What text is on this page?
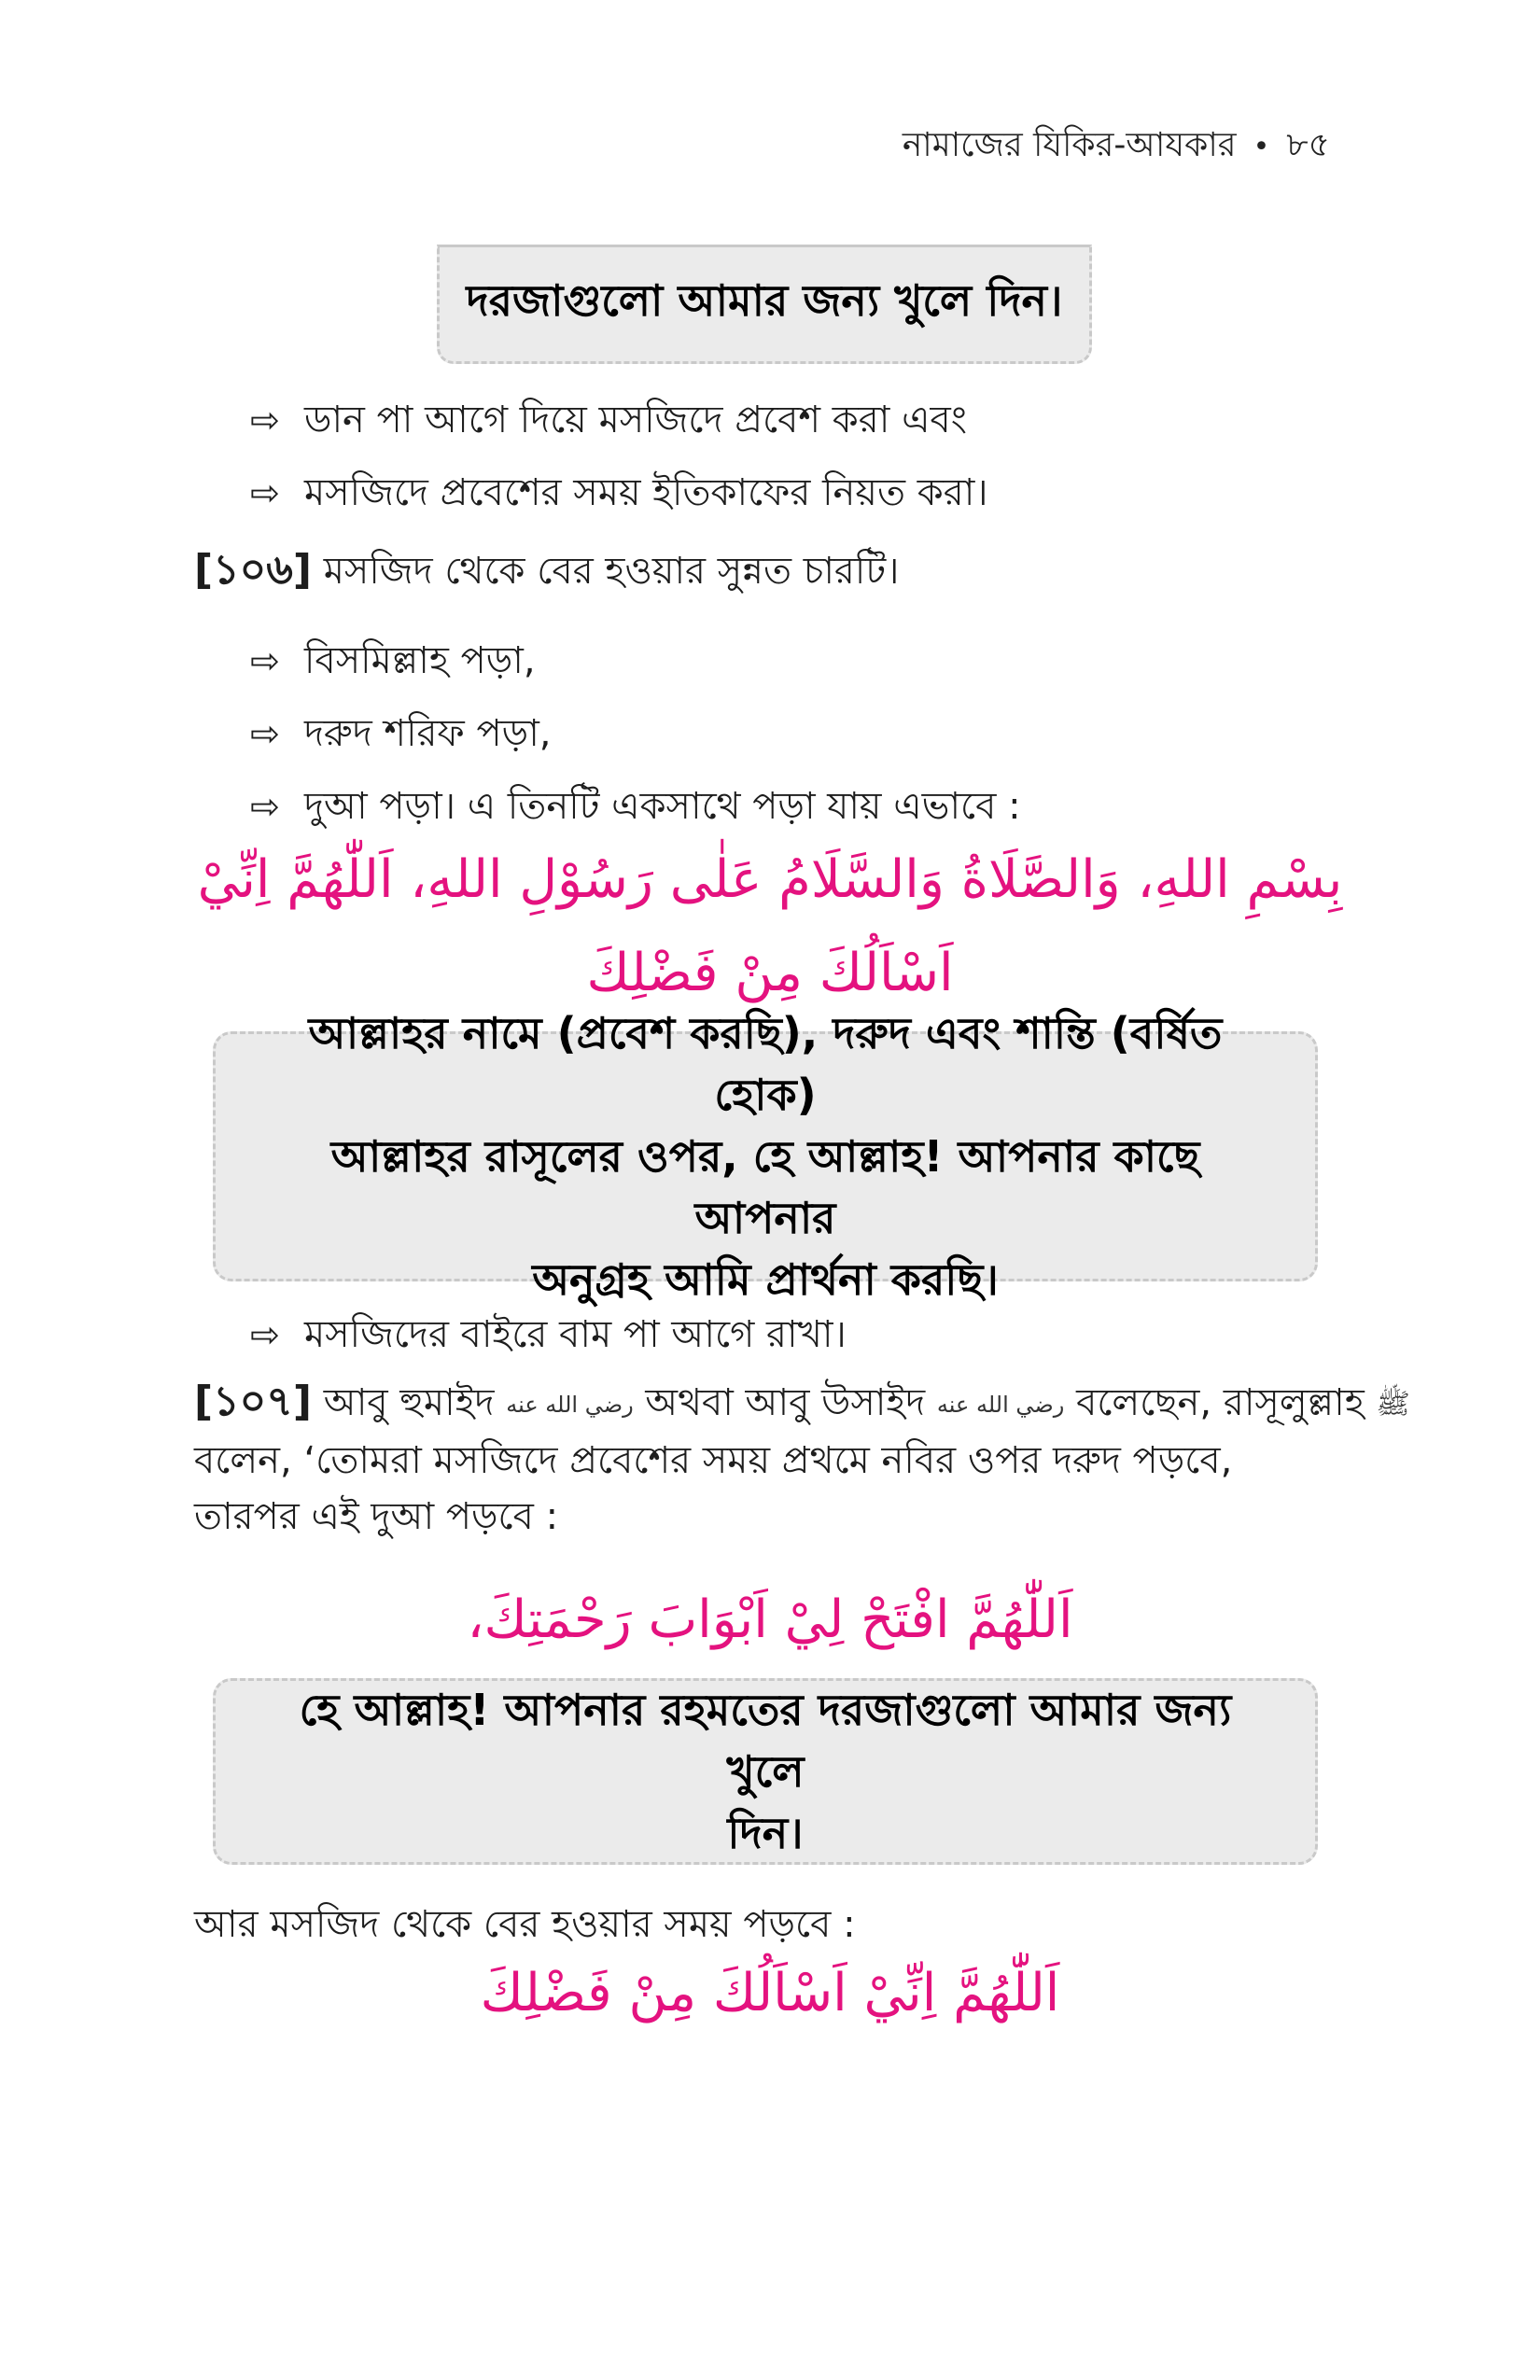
নামাজের যিকির-আযকার • ৮৫
দরজাগুলো আমার জন্য খুলে দিন।
⇨ ডান পা আগে দিয়ে মসজিদে প্রবেশ করা এবং
⇨ মসজিদে প্রবেশের সময় ইতিকাফের নিয়ত করা।
[১০৬] মসজিদ থেকে বের হওয়ার সুন্নত চারটি।
⇨ বিসমিল্লাহ পড়া,
⇨ দরুদ শরিফ পড়া,
⇨ দুআ পড়া। এ তিনটি একসাথে পড়া যায় এভাবে :
بِسْمِ اللهِ، وَالصَّلَاةُ وَالسَّلَامُ عَلٰى رَسُوْلِ اللهِ، اَللّٰهُمَّ اِنِّيْ
اَسْاَلُكَ مِنْ فَضْلِكَ
আল্লাহর নামে (প্রবেশ করছি), দরুদ এবং শান্তি (বর্ষিত হোক)
আল্লাহর রাসূলের ওপর, হে আল্লাহ! আপনার কাছে আপনার
অনুগ্রহ আমি প্রার্থনা করছি।
⇨ মসজিদের বাইরে বাম পা আগে রাখা।
[১০৭] আবু হুমাইদ رضي الله عنه অথবা আবু উসাইদ رضي الله عنه বলেছেন, রাসূলুল্লাহ ﷺ
বলেন, ‘তোমরা মসজিদে প্রবেশের সময় প্রথমে নবির ওপর দরুদ পড়বে,
তারপর এই দুআ পড়বে :
اَللّٰهُمَّ افْتَحْ لِيْ اَبْوَابَ رَحْمَتِكَ،
হে আল্লাহ! আপনার রহমতের দরজাগুলো আমার জন্য খুলে
দিন।
আর মসজিদ থেকে বের হওয়ার সময় পড়বে :
اَللّٰهُمَّ اِنِّيْ اَسْاَلُكَ مِنْ فَضْلِكَ
